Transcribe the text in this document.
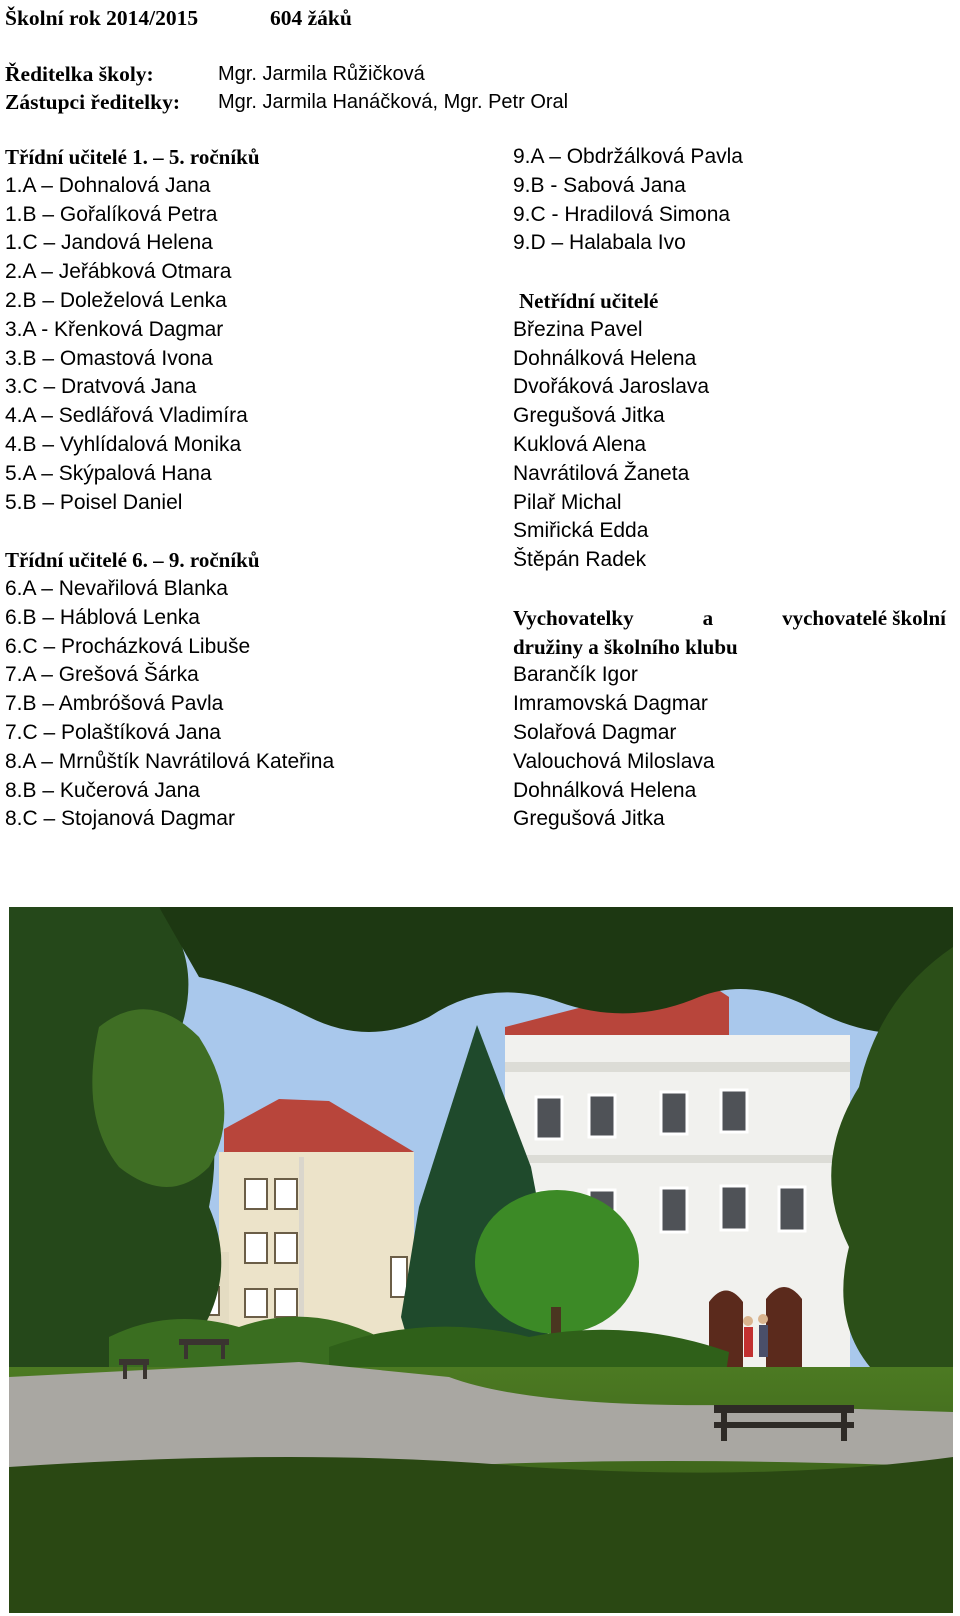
Školní rok 2014/2015	604 žáků
Ředitelka školy:	Mgr. Jarmila Růžičková
Zástupci ředitelky: Mgr. Jarmila Hanáčková, Mgr. Petr Oral
Třídní učitelé 1. – 5. ročníků
1.A – Dohnalová Jana
1.B – Gořalíková Petra
1.C – Jandová Helena
2.A – Jeřábková Otmara
2.B – Doleželová Lenka
3.A - Křenková Dagmar
3.B – Omastová Ivona
3.C – Dratvová Jana
4.A – Sedlářová Vladimíra
4.B – Vyhlídalová Monika
5.A – Skýpalová Hana
5.B – Poisel Daniel
Třídní učitelé 6. – 9. ročníků
6.A – Nevařilová Blanka
6.B – Háblová Lenka
6.C – Procházková Libuše
7.A – Grešová Šárka
7.B – Ambróšová Pavla
7.C – Polaštíková Jana
8.A – Mrnůštík Navrátilová Kateřina
8.B – Kučerová Jana
8.C – Stojanová Dagmar
9.A – Obdržálková Pavla
9.B - Sabová Jana
9.C - Hradilová Simona
9.D – Halabala Ivo
Netřídní učitelé
Březina Pavel
Dohnálková Helena
Dvořáková Jaroslava
Gregušová Jitka
Kuklová Alena
Navrátilová Žaneta
Pilař Michal
Smiřická Edda
Štěpán Radek
Vychovatelky	a	vychovatelé školní
družiny a školního klubu
Barančík Igor
Imramovská Dagmar
Solařová Dagmar
Valouchová Miloslava
Dohnálková Helena
Gregušová Jitka
